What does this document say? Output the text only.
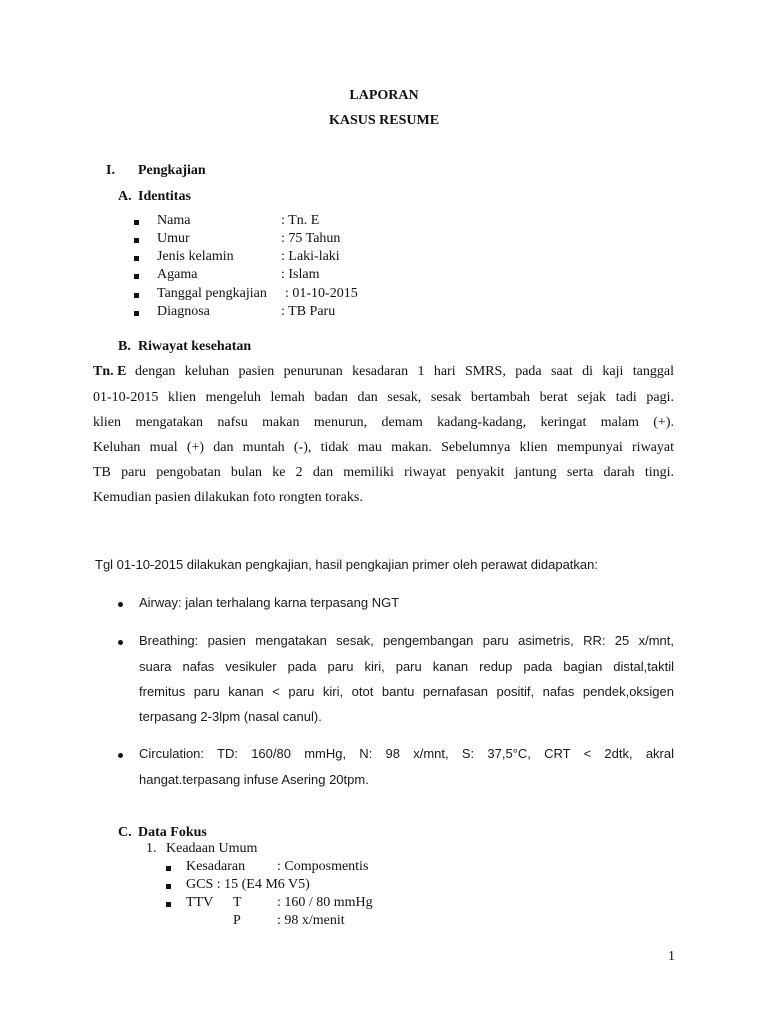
LAPORAN
KASUS RESUME
I. Pengkajian
A. Identitas
Nama	: Tn. E
Umur	: 75 Tahun
Jenis kelamin	: Laki-laki
Agama	: Islam
Tanggal pengkajian : 01-10-2015
Diagnosa	: TB Paru
B. Riwayat kesehatan
Tn. E dengan keluhan pasien penurunan kesadaran 1 hari SMRS, pada saat di kaji tanggal
01-10-2015 klien mengeluh lemah badan dan sesak, sesak bertambah berat sejak tadi pagi.
klien mengatakan nafsu makan menurun, demam kadang-kadang, keringat malam (+).
Keluhan mual (+) dan muntah (-), tidak mau makan. Sebelumnya klien mempunyai riwayat
TB paru pengobatan bulan ke 2 dan memiliki riwayat penyakit jantung serta darah tingi.
Kemudian pasien dilakukan foto rongten toraks.
Tgl 01-10-2015 dilakukan pengkajian, hasil pengkajian primer oleh perawat didapatkan:
Airway: jalan terhalang karna terpasang NGT
Breathing: pasien mengatakan sesak, pengembangan paru asimetris, RR: 25 x/mnt,
suara nafas vesikuler pada paru kiri, paru kanan redup pada bagian distal,taktil
fremitus paru kanan < paru kiri, otot bantu pernafasan positif, nafas pendek,oksigen
terpasang 2-3lpm (nasal canul).
Circulation: TD: 160/80 mmHg, N: 98 x/mnt, S: 37,5°C, CRT < 2dtk, akral
hangat.terpasang infuse Asering 20tpm.
C. Data Fokus
1. Keadaan Umum
Kesadaran : Composmentis
GCS : 15 (E4 M6 V5)
TTV T	: 160 / 80 mmHg
P	: 98 x/menit
1
